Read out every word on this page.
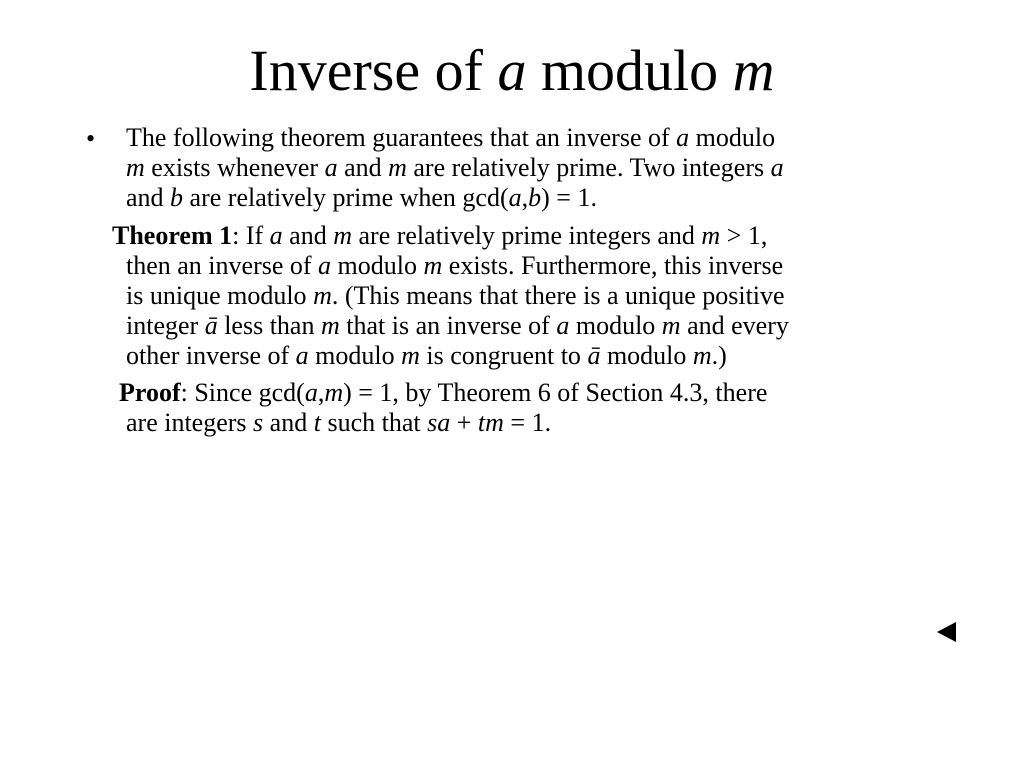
Inverse of a modulo m
• The following theorem guarantees that an inverse of a modulo
m exists whenever a and m are relatively prime. Two integers a
and b are relatively prime when gcd(a,b) = 1.
Theorem 1: If a and m are relatively prime integers and m > 1,
then an inverse of a modulo m exists. Furthermore, this inverse
is unique modulo m. (This means that there is a unique positive
integer ā less than m that is an inverse of a modulo m and every
other inverse of a modulo m is congruent to ā modulo m.)
Proof: Since gcd(a,m) = 1, by Theorem 6 of Section 4.3, there
are integers s and t such that sa + tm = 1.
